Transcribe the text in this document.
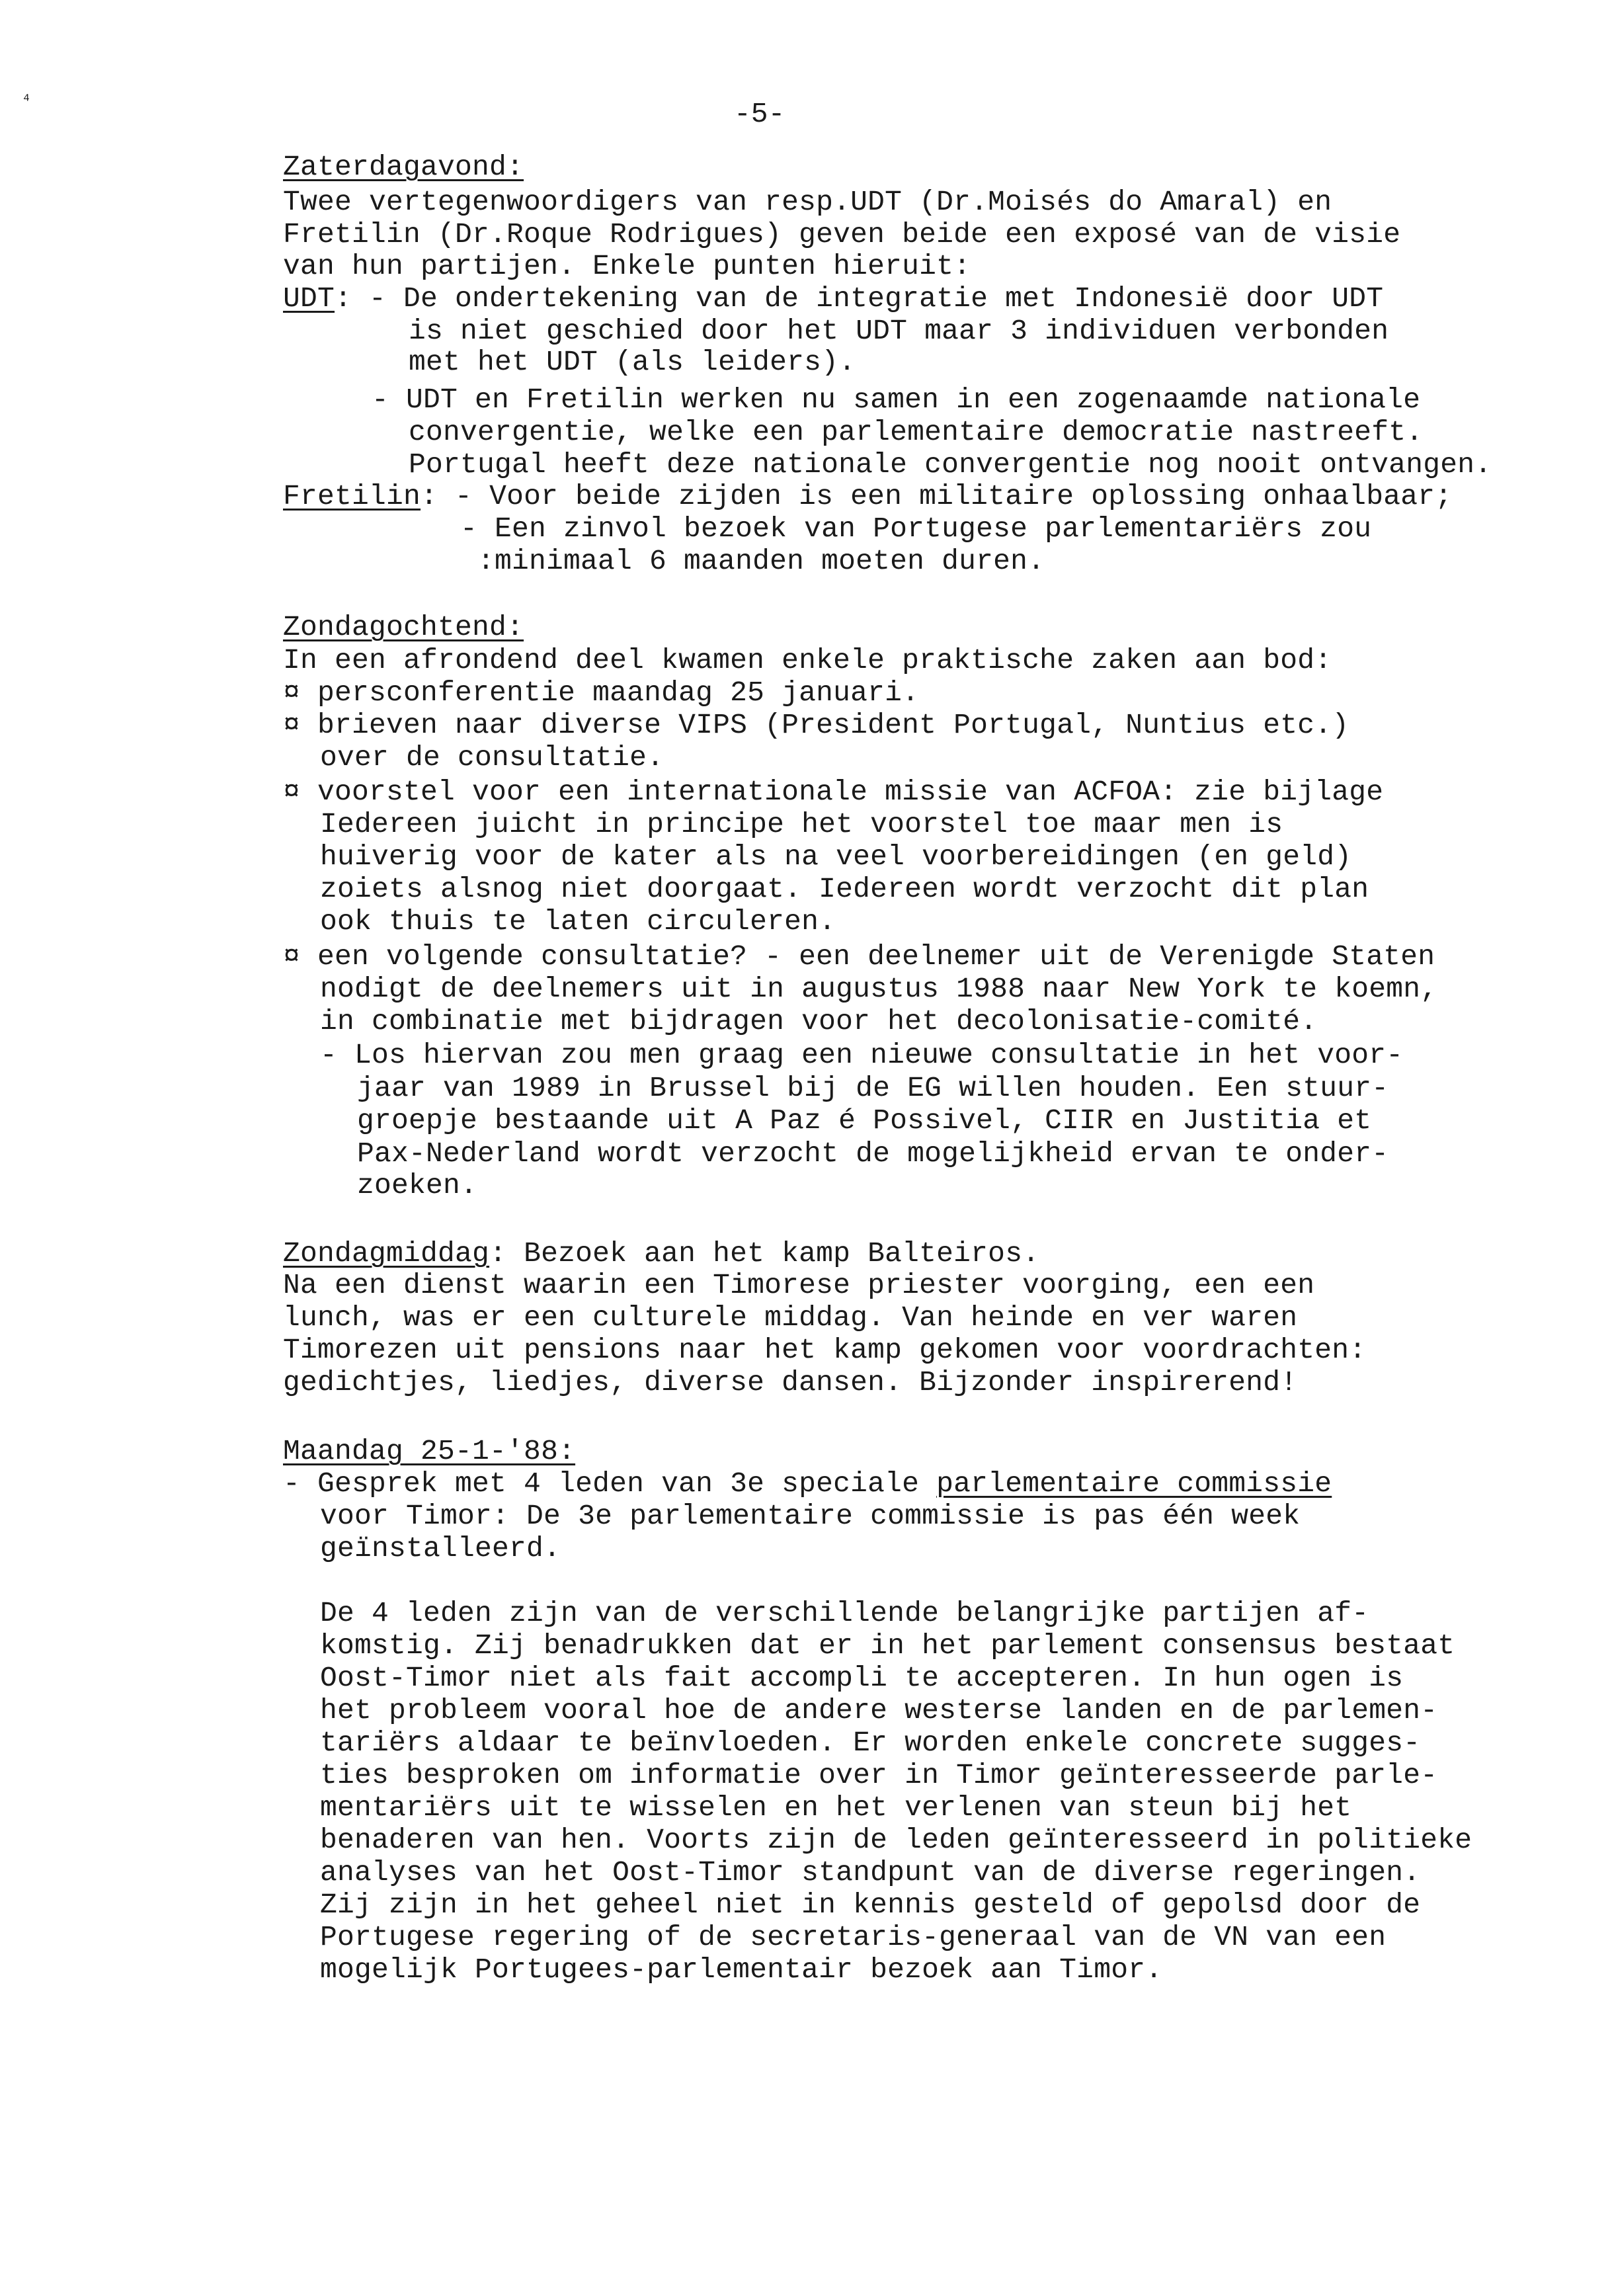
⁴	-5-
Zaterdagavond:
Twee vertegenwoordigers van resp.UDT (Dr.Moisés do Amaral) en
Fretilin (Dr.Roque Rodrigues) geven beide een exposé van de visie
van hun partijen. Enkele punten hieruit:
UDT: - De ondertekening van de integratie met Indonesië door UDT
is niet geschied door het UDT maar 3 individuen verbonden
met het UDT (als leiders).
- UDT en Fretilin werken nu samen in een zogenaamde nationale
convergentie, welke een parlementaire democratie nastreeft.
Portugal heeft deze nationale convergentie nog nooit ontvangen.
Fretilin: - Voor beide zijden is een militaire oplossing onhaalbaar;
- Een zinvol bezoek van Portugese parlementariërs zou
:minimaal 6 maanden moeten duren.
Zondagochtend:
In een afrondend deel kwamen enkele praktische zaken aan bod:
¤ persconferentie maandag 25 januari.
¤ brieven naar diverse VIPS (President Portugal, Nuntius etc.)
over de consultatie.
¤ voorstel voor een internationale missie van ACFOA: zie bijlage
Iedereen juicht in principe het voorstel toe maar men is
huiverig voor de kater als na veel voorbereidingen (en geld)
zoiets alsnog niet doorgaat. Iedereen wordt verzocht dit plan
ook thuis te laten circuleren.
¤ een volgende consultatie? - een deelnemer uit de Verenigde Staten
nodigt de deelnemers uit in augustus 1988 naar New York te koemn,
in combinatie met bijdragen voor het decolonisatie-comité.
- Los hiervan zou men graag een nieuwe consultatie in het voor-
jaar van 1989 in Brussel bij de EG willen houden. Een stuur-
groepje bestaande uit A Paz é Possivel, CIIR en Justitia et
Pax-Nederland wordt verzocht de mogelijkheid ervan te onder-
zoeken.
Zondagmiddag: Bezoek aan het kamp Balteiros.
Na een dienst waarin een Timorese priester voorging, een een
lunch, was er een culturele middag. Van heinde en ver waren
Timorezen uit pensions naar het kamp gekomen voor voordrachten:
gedichtjes, liedjes, diverse dansen. Bijzonder inspirerend!
Maandag 25-1-'88:
- Gesprek met 4 leden van 3e speciale parlementaire commissie
voor Timor: De 3e parlementaire commissie is pas één week
geïnstalleerd.
De 4 leden zijn van de verschillende belangrijke partijen af-
komstig. Zij benadrukken dat er in het parlement consensus bestaat
Oost-Timor niet als fait accompli te accepteren. In hun ogen is
het probleem vooral hoe de andere westerse landen en de parlemen-
tariërs aldaar te beïnvloeden. Er worden enkele concrete sugges-
ties besproken om informatie over in Timor geïnteresseerde parle-
mentariërs uit te wisselen en het verlenen van steun bij het
benaderen van hen. Voorts zijn de leden geïnteresseerd in politieke
analyses van het Oost-Timor standpunt van de diverse regeringen.
Zij zijn in het geheel niet in kennis gesteld of gepolsd door de
Portugese regering of de secretaris-generaal van de VN van een
mogelijk Portugees-parlementair bezoek aan Timor.
